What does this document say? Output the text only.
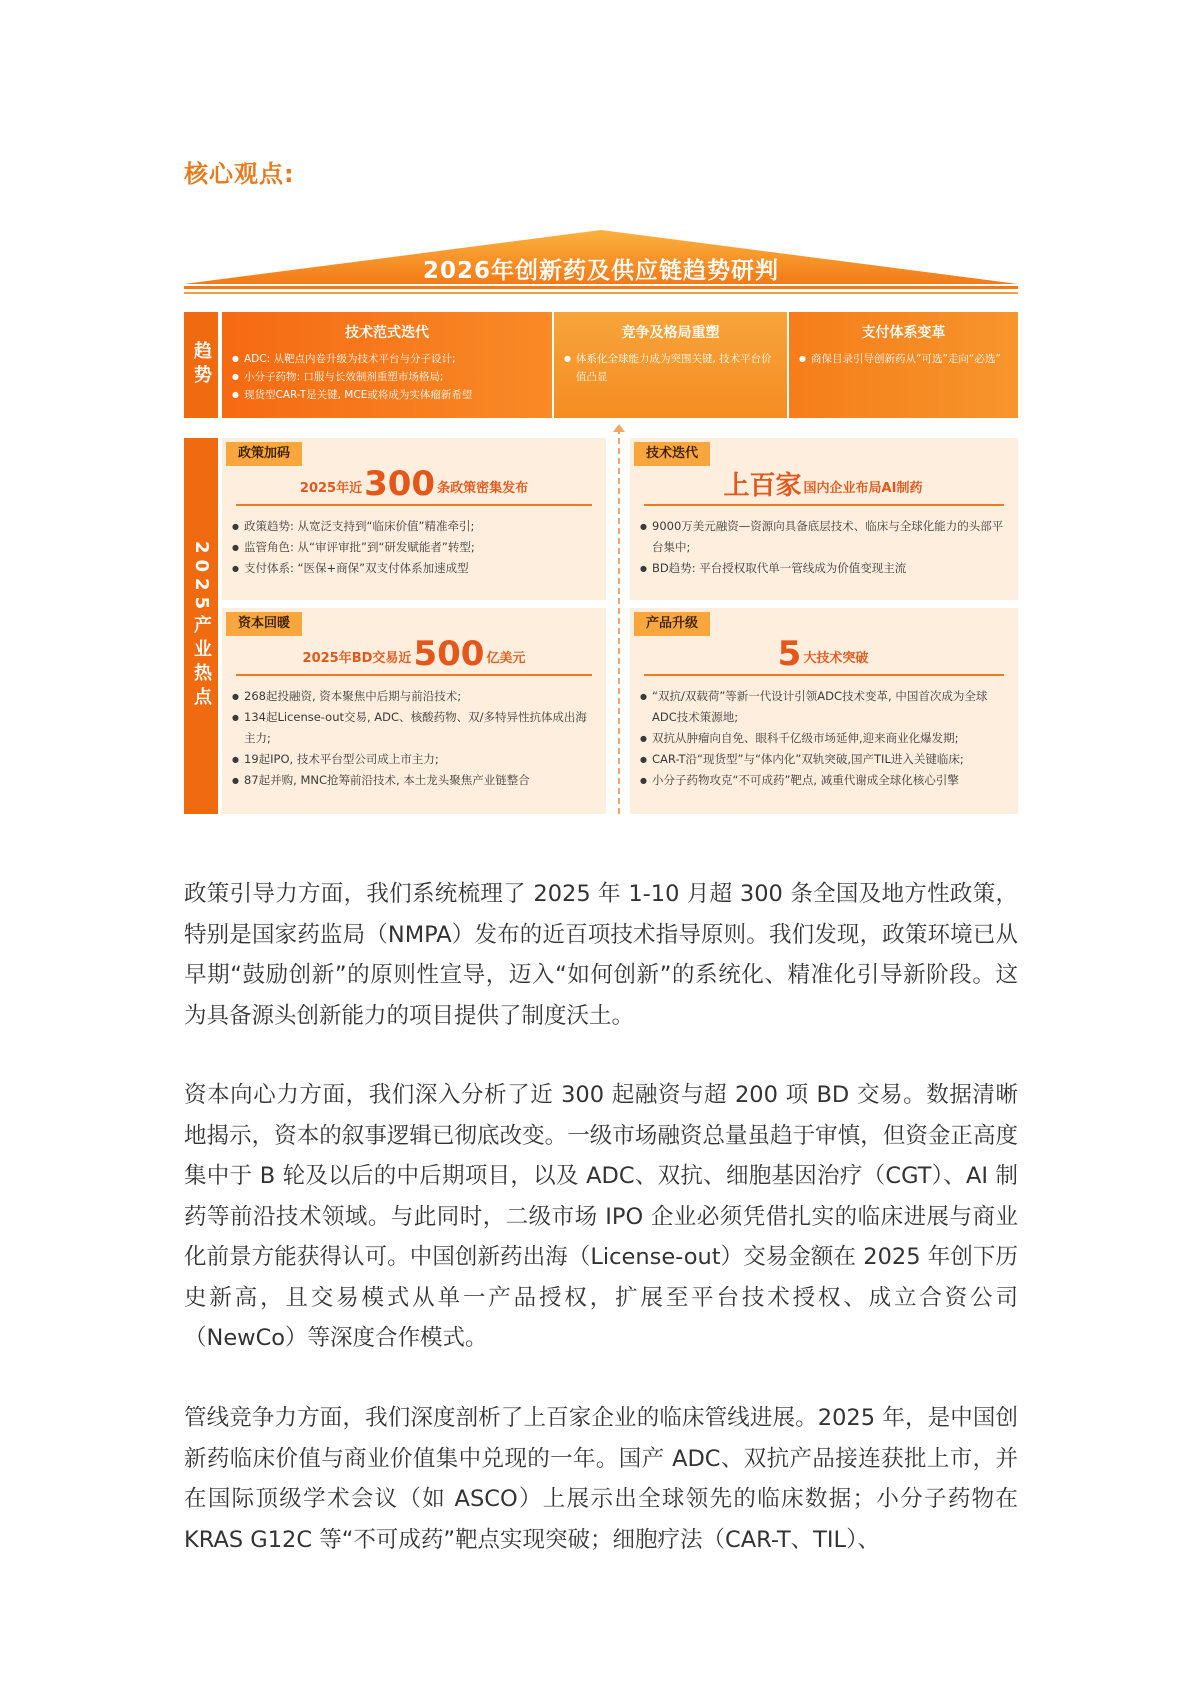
核心观点:
2026年创新药及供应链趋势研判
趋势
技术范式迭代
● ADC: 从靶点内卷升级为技术平台与分子设计;
● 小分子药物: 口服与长效制剂重塑市场格局;
● 现货型CAR-T是关键, MCE或将成为实体瘤新希望
竞争及格局重塑
● 体系化全球能力成为突围关键, 技术平台价值凸显
支付体系变革
● 商保目录引导创新药从“可选”走向“必选”
2025产业热点
政策加码
2025年近 300 条政策密集发布
● 政策趋势: 从宽泛支持到“临床价值”精准牵引;
● 监管角色: 从“审评审批”到“研发赋能者”转型;
● 支付体系: “医保+商保”双支付体系加速成型
技术迭代
上百家 国内企业布局AI制药
● 9000万美元融资—资源向具备底层技术、临床与全球化能力的头部平台集中;
● BD趋势: 平台授权取代单一管线成为价值变现主流
资本回暖
2025年BD交易近 500 亿美元
● 268起投融资, 资本聚焦中后期与前沿技术;
● 134起License-out交易, ADC、核酸药物、双/多特异性抗体成出海主力;
● 19起IPO, 技术平台型公司成上市主力;
● 87起并购, MNC抢筹前沿技术, 本土龙头聚焦产业链整合
产品升级
5 大技术突破
● “双抗/双载荷”等新一代设计引领ADC技术变革, 中国首次成为全球ADC技术策源地;
● 双抗从肿瘤向自免、眼科千亿级市场延伸,迎来商业化爆发期;
● CAR-T沿“现货型”与“体内化”双轨突破,国产TIL进入关键临床;
● 小分子药物攻克“不可成药”靶点, 减重代谢成全球化核心引擎

政策引导力方面，我们系统梳理了 2025 年 1-10 月超 300 条全国及地方性政策，特别是国家药监局（NMPA）发布的近百项技术指导原则。我们发现，政策环境已从早期“鼓励创新”的原则性宣导，迈入“如何创新”的系统化、精准化引导新阶段。这为具备源头创新能力的项目提供了制度沃土。

资本向心力方面，我们深入分析了近 300 起融资与超 200 项 BD 交易。数据清晰地揭示，资本的叙事逻辑已彻底改变。一级市场融资总量虽趋于审慎，但资金正高度集中于 B 轮及以后的中后期项目，以及 ADC、双抗、细胞基因治疗（CGT）、AI 制药等前沿技术领域。与此同时，二级市场 IPO 企业必须凭借扎实的临床进展与商业化前景方能获得认可。中国创新药出海（License-out）交易金额在 2025 年创下历史新高，且交易模式从单一产品授权，扩展至平台技术授权、成立合资公司（NewCo）等深度合作模式。

管线竞争力方面，我们深度剖析了上百家企业的临床管线进展。2025 年，是中国创新药临床价值与商业价值集中兑现的一年。国产 ADC、双抗产品接连获批上市，并在国际顶级学术会议（如 ASCO）上展示出全球领先的临床数据；小分子药物在 KRAS G12C 等“不可成药”靶点实现突破；细胞疗法（CAR-T、TIL）、
